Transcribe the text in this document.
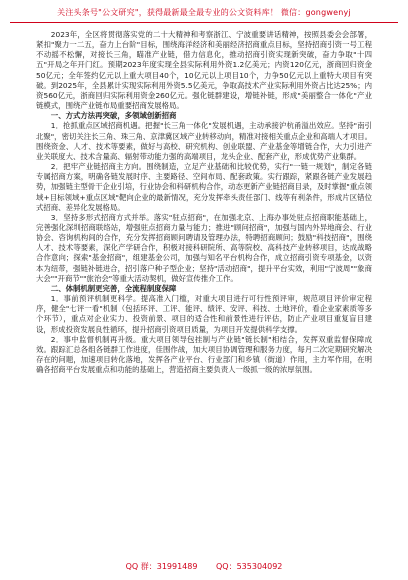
关注头条号"公文研究"，获得最新最全最专业的公文资料库！ 微信：gongwenyj

2023年，全区将贯彻落实党的二十大精神和考察浙江、宁波重要讲话精神，按照县委会会部署，紧扣"聚力一二五，奋力上台阶"目标，围绕海洋经济和美丽经济招商重点目标，坚持招商引资一号工程不动摇不松懈，对接长三角，瞄准产业链，借力信息化，推动招商引资实现新突破，奋力争取"十四五"开局之年开门红。预期2023年度实现全县实际利用外资1.2亿美元；内资120亿元，浙商回归资金50亿元；全年签约亿元以上重大项目40个，10亿元以上项目10个，力争50亿元以上重特大项目有突破。到2025年，全县累计实现实际利用外资5.5亿美元，争取高技术产业实际利用外资占比达25%；内资560亿元，浙商回归实际利用资金260亿元。强化链群建设，增链补链，形成"美丽整合一体化"产业链模式，围绕产业链布局重要招商发展格局。

一、方式方法再突破，多领域创新招商

1．抢抓重点区域招商机遇。把握"长三角一体化"发展机遇，主动承接沪杭甬溢出效应。坚持"南引北聚"，密切关注长三角、珠三角、京津冀区域产业转移动向，精准对接相关重点企业和高端人才项目。围绕资金、人才、技术等要素，做好与高校、研究机构、创业联盟、产业基金等增链合作，大力引进产业关联度大、技术含量高、辐射带动能力强的高端项目，龙头企业、配套产业，形成优势产业集群。

2．把牢产业链招商主方向。围绕制造，立足产业基础和比较优势，实行"一链一规划"，制定各链专属招商方案，明确各链发展时序、主要路径、空间布局、配套政策。实行跟踪，紧跟各链产业发展趋势，加强链主型骨干企业引培，行业协会和科研机构合作，动态更新产业链招商目录，及时掌握"重点领域+目标领域+重点区域"靶向企业的最新情况，充分发挥牵头责任部门、线等有利条件，形成片区错位式招商、差异化发展格局。

3．坚持多形式招商方式并举。落实"驻点招商"，在加强北京、上海办事处驻点招商职能基础上，完善强化深圳招商联络站，增强驻点招商力量与能力；推进"顾问招商"，加强与国内外异地商会、行业协会、咨询机构间的合作，充分发挥招商顾问聘请及管理办法，特聘招商顾问；鼓励"科技招商"，围绕人才、技术等要素，深化产学研合作，积极对接科研院所、高等院校、高科技产业转移项目，达成战略合作意向；探索"基金招商"，组建基金公司，加强与知名平台机构合作，成立招商引资专项基金，以资本为纽带，强链补链进合，招引落户种子型企业；坚持"活动招商"，提升平台实效，利用"宁波周""象商大会""开商节""旅治会"等重大活动契机，做好宣传推介工作。

二、体制机制更完善，全流程制度保障

1．事前预评机制更科学。提高准入门槛，对重大项目进行可行性预评审，规范项目评价审定程序，健全"七评一看"机制（包括环评、工评、能评、绩评、安评、科技、土地评价，看企业家素质等多个环节），重点对企业实力、投资前景、项目的适合性和前景性进行评估，防止产业项目重复盲目建设，形成投资发展良性循环，提升招商引资项目质量，为项目开发提供科学支撑。

2．事中监督机制再升级。重大项目领导包挂制与产业链"链长制"相结合，发挥双重监督保障成效。跟踪汇总各组各链群工作进度，佳围作战，加大项目协调管理和服务力度，每月二次定期研究解决存在的问题，加速项目转化落地，发挥各产业平台、行业部门和乡镇（街道）作用，主力军作用，在明确各招商平台发展重点和功能的基础上，营造招商主要负责人一级抓一级的浓厚氛围。

QQ 群：31991489 QQ：535304092
